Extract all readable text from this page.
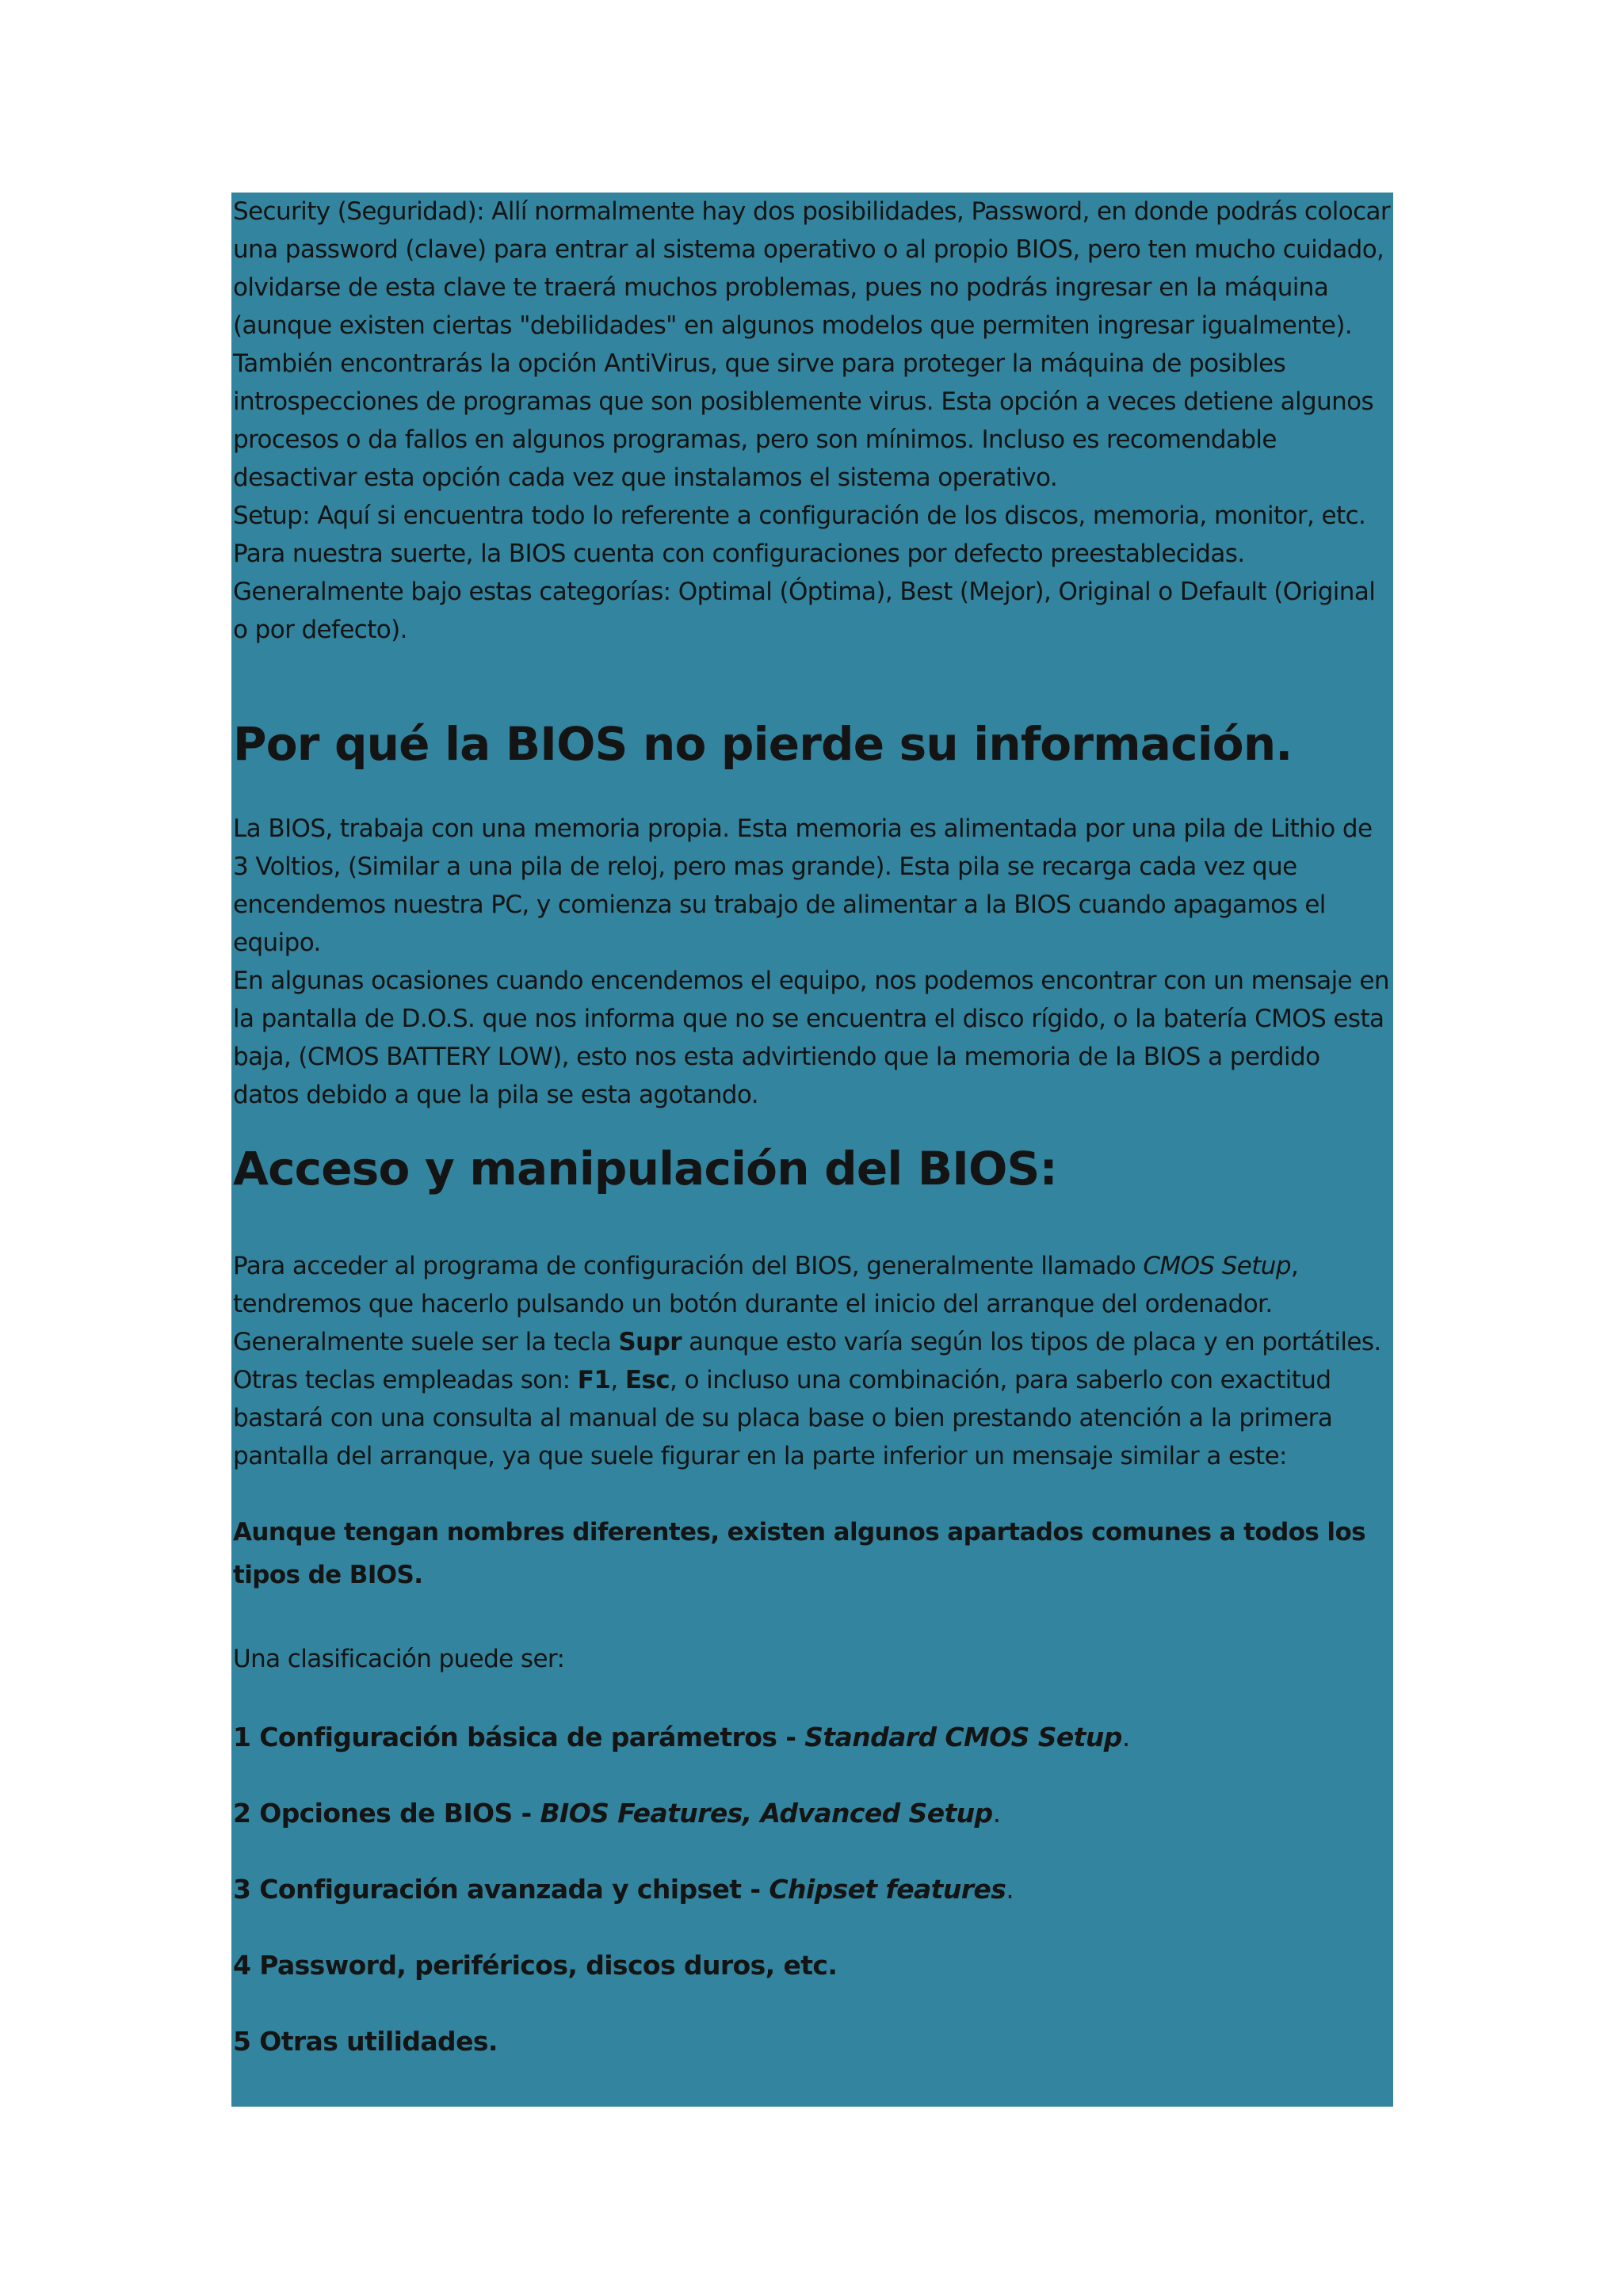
Security (Seguridad): Allí normalmente hay dos posibilidades, Password, en donde podrás colocar una password (clave) para entrar al sistema operativo o al propio BIOS, pero ten mucho cuidado, olvidarse de esta clave te traerá muchos problemas, pues no podrás ingresar en la máquina (aunque existen ciertas "debilidades" en algunos modelos que permiten ingresar igualmente).

También encontrarás la opción AntiVirus, que sirve para proteger la máquina de posibles introspecciones de programas que son posiblemente virus. Esta opción a veces detiene algunos procesos o da fallos en algunos programas, pero son mínimos. Incluso es recomendable desactivar esta opción cada vez que instalamos el sistema operativo.

Setup: Aquí si encuentra todo lo referente a configuración de los discos, memoria, monitor, etc. Para nuestra suerte, la BIOS cuenta con configuraciones por defecto preestablecidas. Generalmente bajo estas categorías: Optimal (Óptima), Best (Mejor), Original o Default (Original o por defecto).

Por qué la BIOS no pierde su información.

La BIOS, trabaja con una memoria propia. Esta memoria es alimentada por una pila de Lithio de 3 Voltios, (Similar a una pila de reloj, pero mas grande). Esta pila se recarga cada vez que encendemos nuestra PC, y comienza su trabajo de alimentar a la BIOS cuando apagamos el equipo.

En algunas ocasiones cuando encendemos el equipo, nos podemos encontrar con un mensaje en la pantalla de D.O.S. que nos informa que no se encuentra el disco rígido, o la batería CMOS esta baja, (CMOS BATTERY LOW), esto nos esta advirtiendo que la memoria de la BIOS a perdido datos debido a que la pila se esta agotando.

Acceso y manipulación del BIOS:

Para acceder al programa de configuración del BIOS, generalmente llamado CMOS Setup, tendremos que hacerlo pulsando un botón durante el inicio del arranque del ordenador. Generalmente suele ser la tecla Supr aunque esto varía según los tipos de placa y en portátiles. Otras teclas empleadas son: F1, Esc, o incluso una combinación, para saberlo con exactitud bastará con una consulta al manual de su placa base o bien prestando atención a la primera pantalla del arranque, ya que suele figurar en la parte inferior un mensaje similar a este:

Aunque tengan nombres diferentes, existen algunos apartados comunes a todos los tipos de BIOS.

Una clasificación puede ser:

1 Configuración básica de parámetros - Standard CMOS Setup.

2 Opciones de BIOS - BIOS Features, Advanced Setup.

3 Configuración avanzada y chipset - Chipset features.

4 Password, periféricos, discos duros, etc.

5 Otras utilidades.
